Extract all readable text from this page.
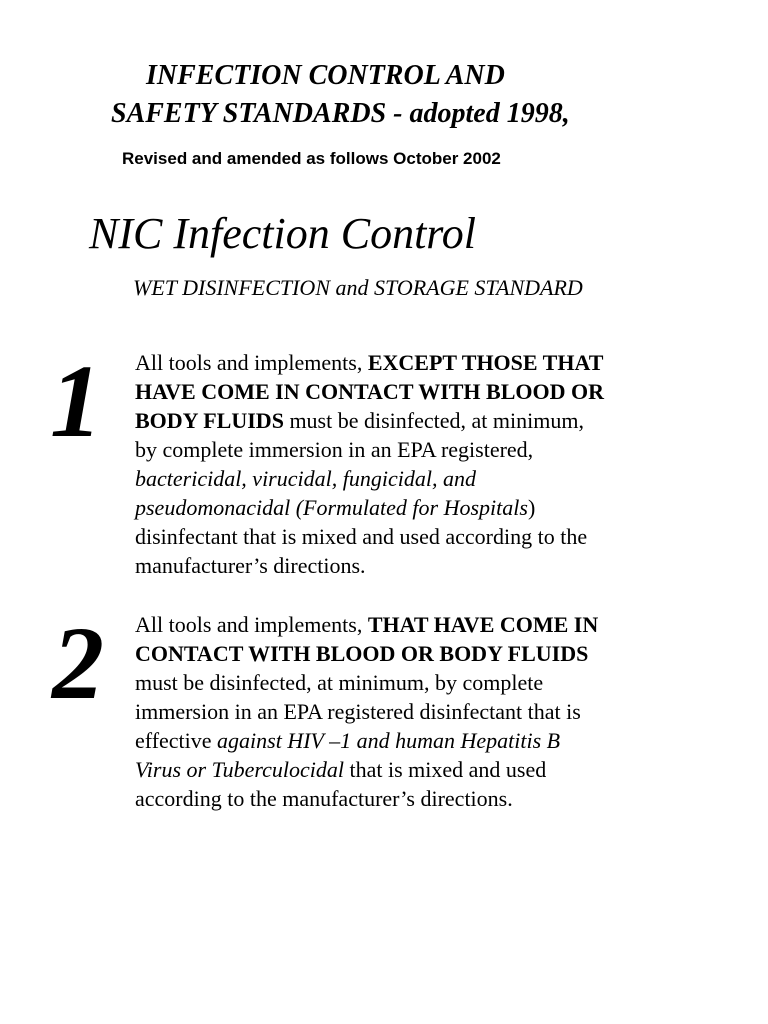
INFECTION CONTROL AND
SAFETY STANDARDS - adopted 1998,

Revised and amended as follows October 2002

NIC Infection Control

WET DISINFECTION and STORAGE STANDARD

1 All tools and implements, EXCEPT THOSE THAT
HAVE COME IN CONTACT WITH BLOOD OR
BODY FLUIDS must be disinfected, at minimum,
by complete immersion in an EPA registered,
bactericidal, virucidal, fungicidal, and
pseudomonacidal (Formulated for Hospitals)
disinfectant that is mixed and used according to the
manufacturer’s directions.
2 All tools and implements, THAT HAVE COME IN
CONTACT WITH BLOOD OR BODY FLUIDS
must be disinfected, at minimum, by complete
immersion in an EPA registered disinfectant that is
effective against HIV –1 and human Hepatitis B
Virus or Tuberculocidal that is mixed and used
according to the manufacturer’s directions.
